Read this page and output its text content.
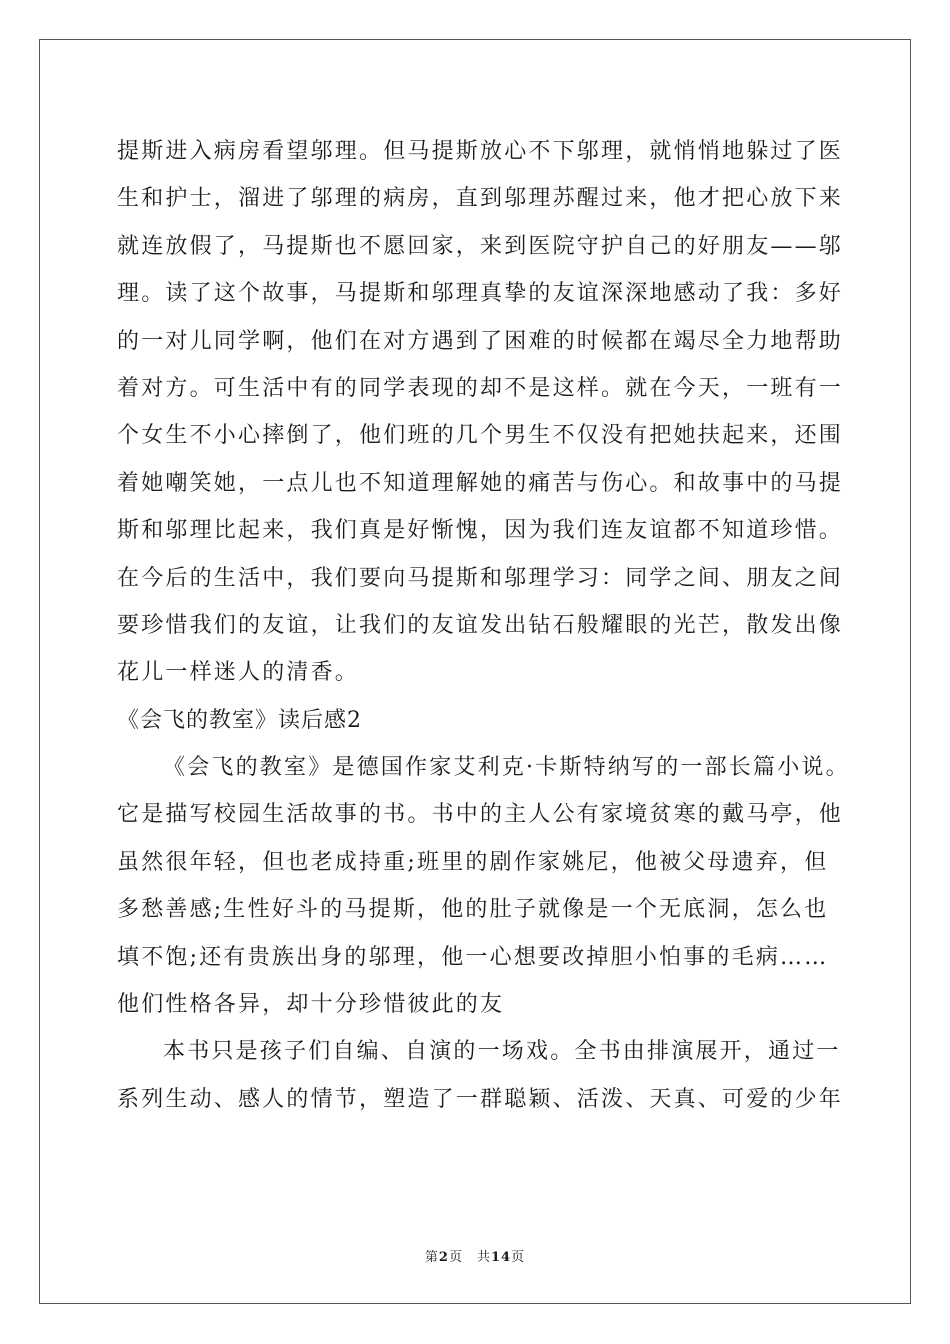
提斯进入病房看望邬理。但马提斯放心不下邬理，就悄悄地躲过了医
生和护士，溜进了邬理的病房，直到邬理苏醒过来，他才把心放下来
就连放假了，马提斯也不愿回家，来到医院守护自己的好朋友——邬
理。读了这个故事，马提斯和邬理真挚的友谊深深地感动了我：多好
的一对儿同学啊，他们在对方遇到了困难的时候都在竭尽全力地帮助
着对方。可生活中有的同学表现的却不是这样。就在今天，一班有一
个女生不小心摔倒了，他们班的几个男生不仅没有把她扶起来，还围
着她嘲笑她，一点儿也不知道理解她的痛苦与伤心。和故事中的马提
斯和邬理比起来，我们真是好惭愧，因为我们连友谊都不知道珍惜。
在今后的生活中，我们要向马提斯和邬理学习：同学之间、朋友之间
要珍惜我们的友谊，让我们的友谊发出钻石般耀眼的光芒，散发出像
花儿一样迷人的清香。
《会飞的教室》读后感2
《会飞的教室》是德国作家艾利克·卡斯特纳写的一部长篇小说。
它是描写校园生活故事的书。书中的主人公有家境贫寒的戴马亭，他
虽然很年轻，但也老成持重;班里的剧作家姚尼，他被父母遗弃，但
多愁善感;生性好斗的马提斯，他的肚子就像是一个无底洞，怎么也
填不饱;还有贵族出身的邬理，他一心想要改掉胆小怕事的毛病……
他们性格各异，却十分珍惜彼此的友
本书只是孩子们自编、自演的一场戏。全书由排演展开，通过一
系列生动、感人的情节，塑造了一群聪颖、活泼、天真、可爱的少年
第2页 共14页
